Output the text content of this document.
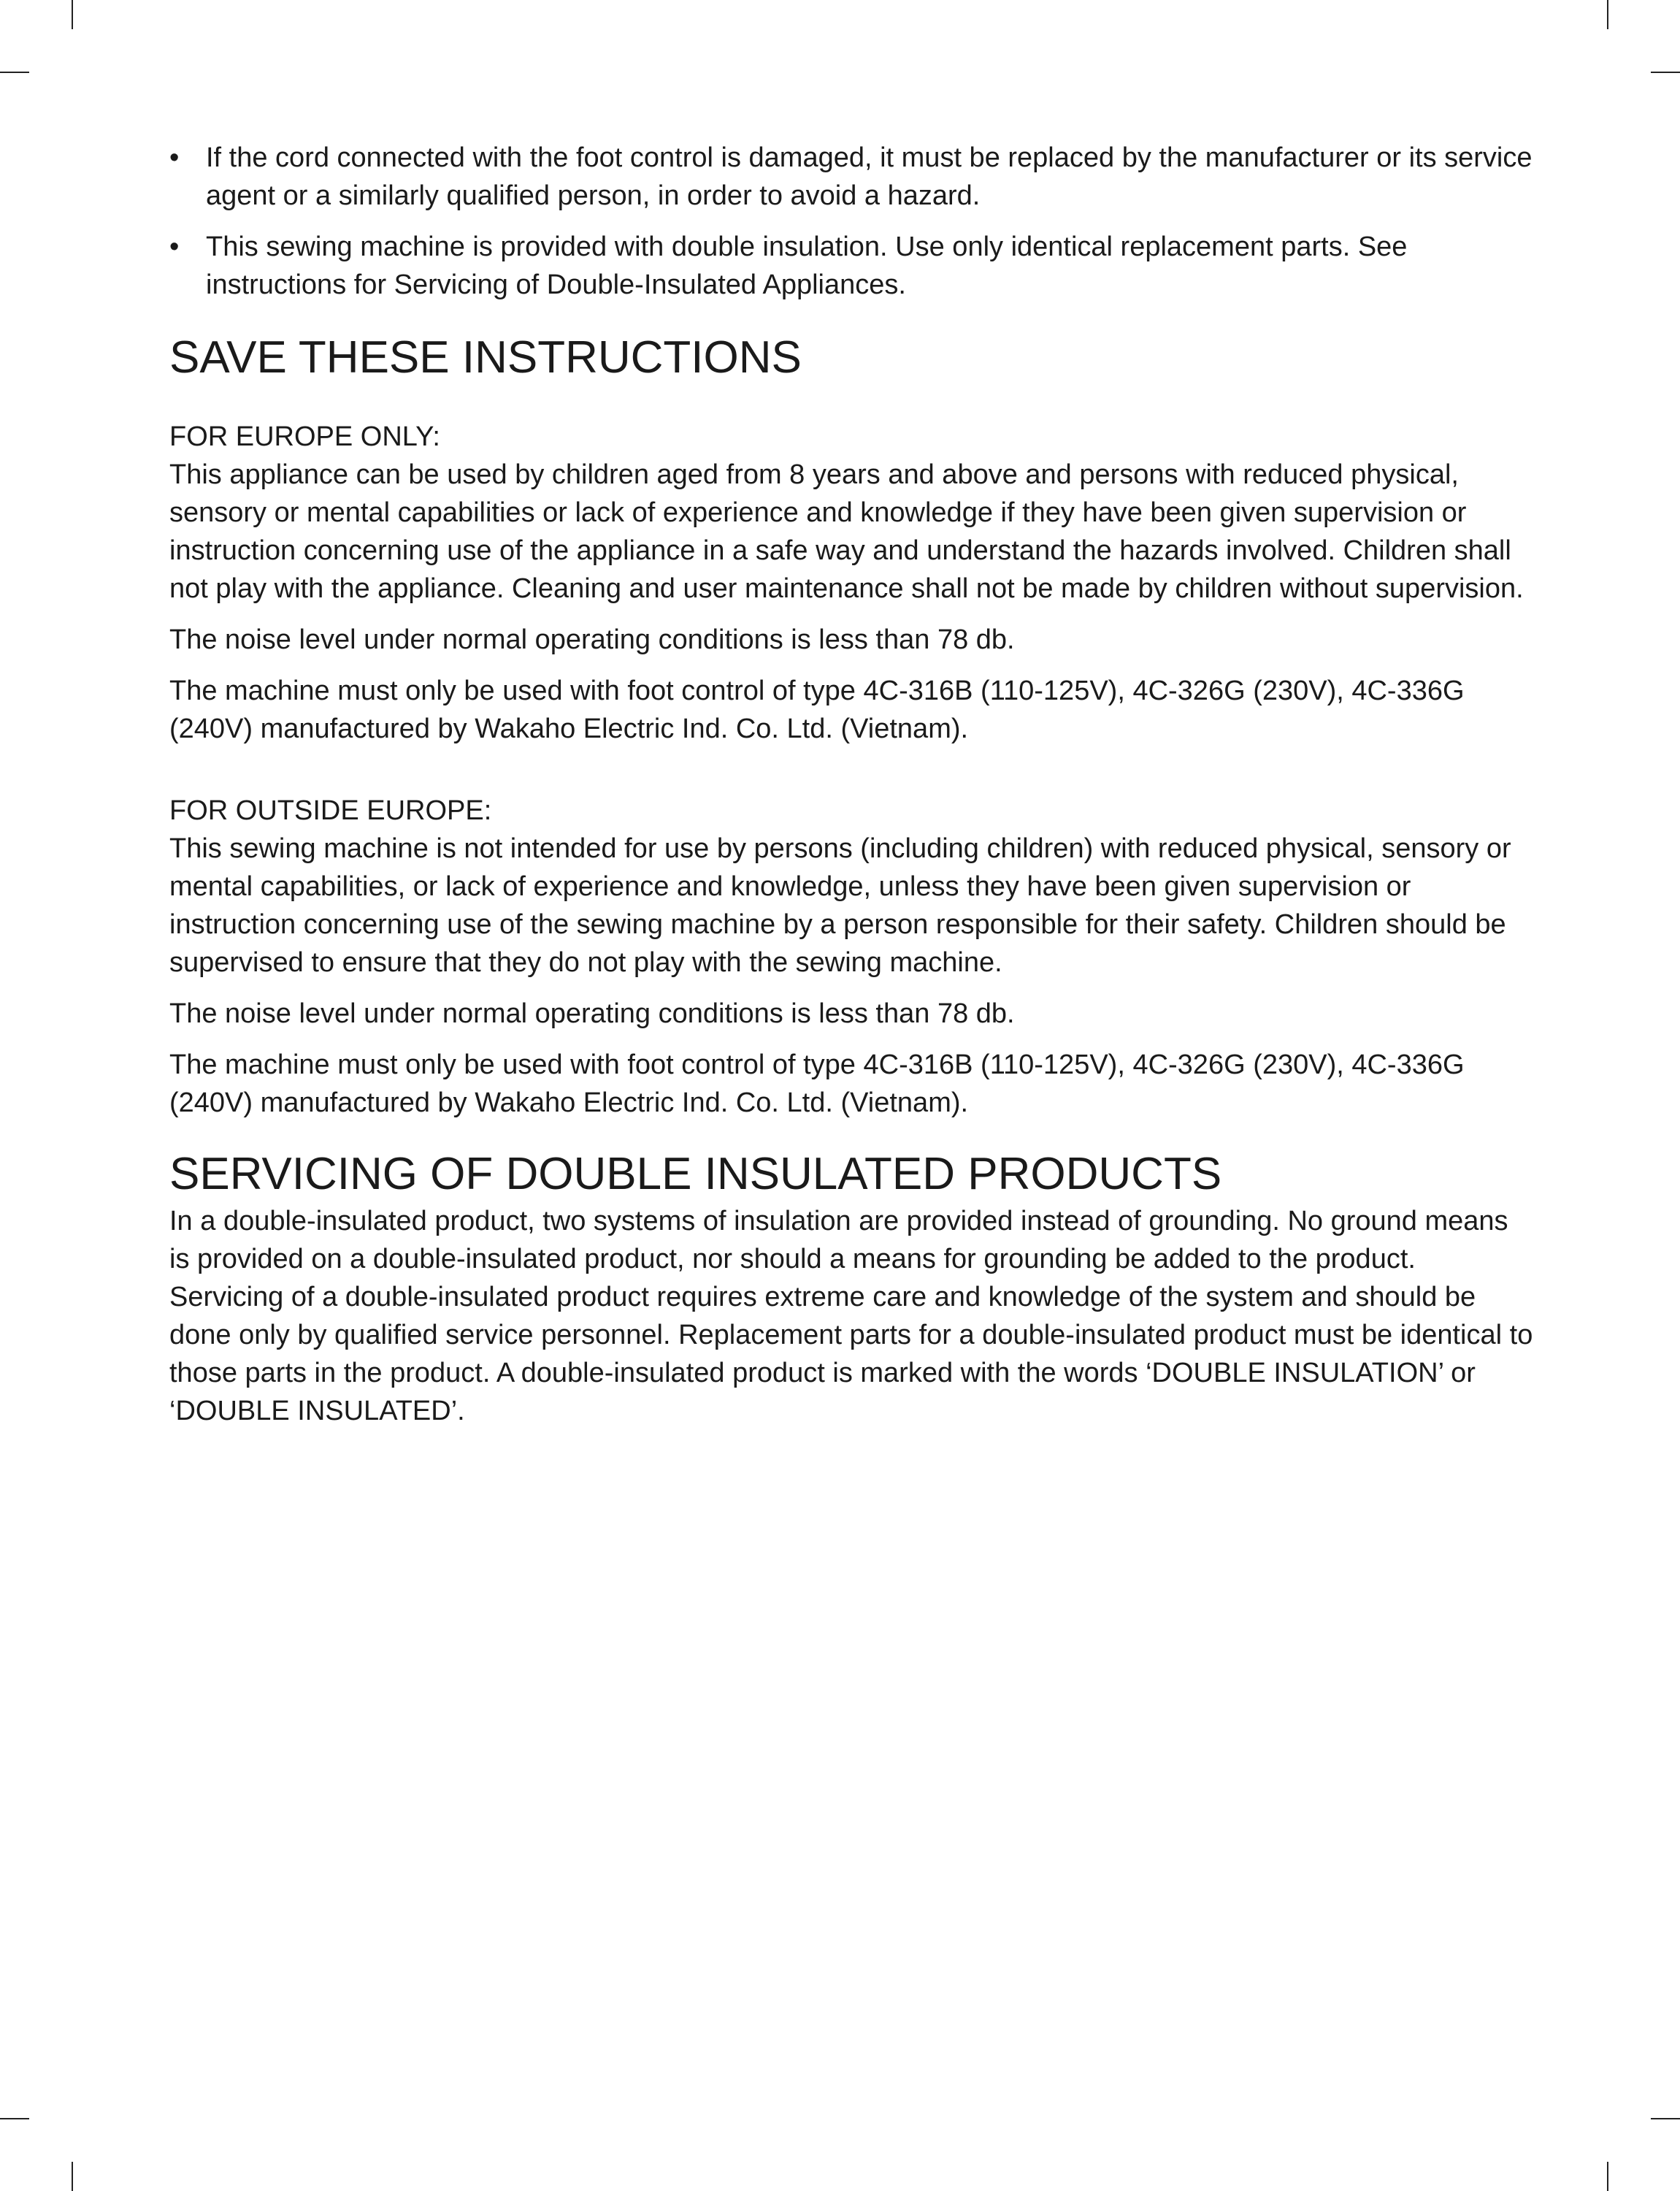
• If the cord connected with the foot control is damaged, it must be replaced by the manufacturer or its service agent or a similarly qualified person, in order to avoid a hazard.
• This sewing machine is provided with double insulation. Use only identical replacement parts. See instructions for Servicing of Double-Insulated Appliances.
SAVE THESE INSTRUCTIONS

FOR EUROPE ONLY:

This appliance can be used by children aged from 8 years and above and persons with reduced physical, sensory or mental capabilities or lack of experience and knowledge if they have been given supervision or instruction concerning use of the appliance in a safe way and understand the hazards involved. Children shall not play with the appliance. Cleaning and user maintenance shall not be made by children without supervision.

The noise level under normal operating conditions is less than 78 db.

The machine must only be used with foot control of type 4C-316B (110-125V), 4C-326G (230V), 4C-336G (240V) manufactured by Wakaho Electric Ind. Co. Ltd. (Vietnam).

FOR OUTSIDE EUROPE:

This sewing machine is not intended for use by persons (including children) with reduced physical, sensory or mental capabilities, or lack of experience and knowledge, unless they have been given supervision or instruction concerning use of the sewing machine by a person responsible for their safety. Children should be supervised to ensure that they do not play with the sewing machine.

The noise level under normal operating conditions is less than 78 db.

The machine must only be used with foot control of type 4C-316B (110-125V), 4C-326G (230V), 4C-336G (240V) manufactured by Wakaho Electric Ind. Co. Ltd. (Vietnam).

SERVICING OF DOUBLE INSULATED PRODUCTS

In a double-insulated product, two systems of insulation are provided instead of grounding. No ground means is provided on a double-insulated product, nor should a means for grounding be added to the product. Servicing of a double-insulated product requires extreme care and knowledge of the system and should be done only by qualified service personnel. Replacement parts for a double-insulated product must be identical to those parts in the product. A double-insulated product is marked with the words ‘DOUBLE INSULATION’ or ‘DOUBLE INSULATED’.
